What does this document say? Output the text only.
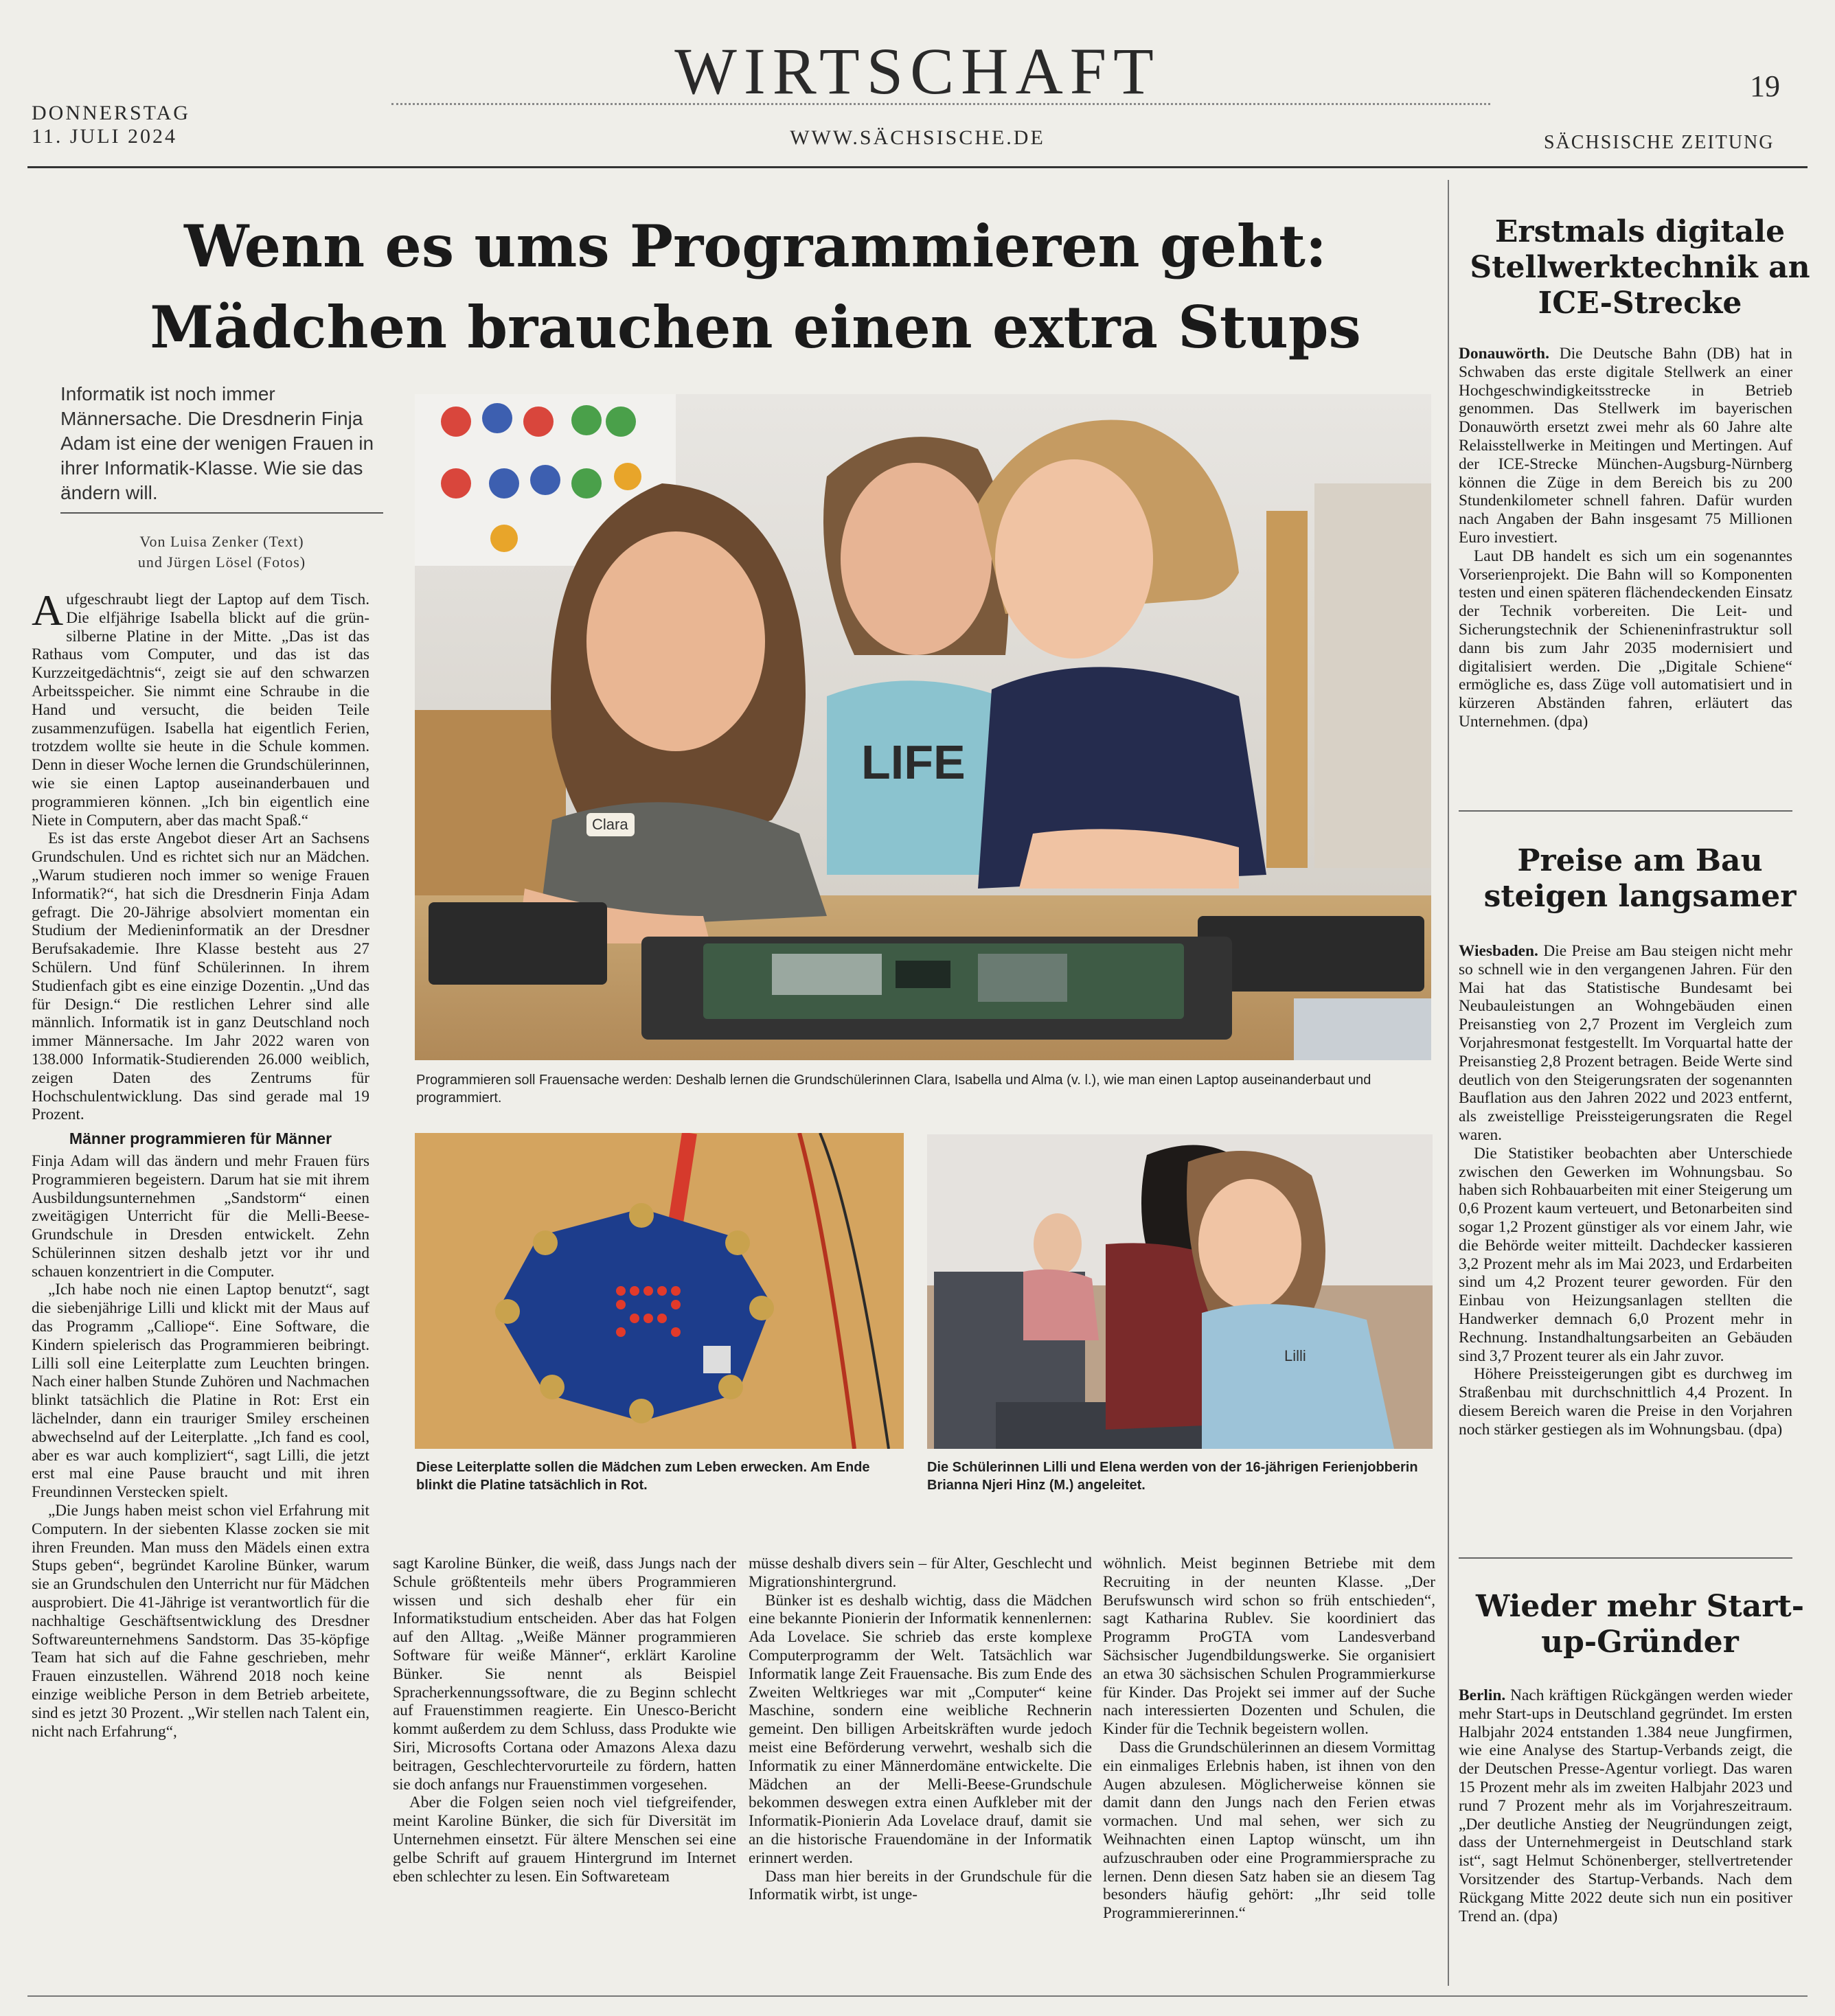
WIRTSCHAFT
DONNERSTAG
11. JULI 2024	WWW.SÄCHSISCHE.DE
19
SÄCHSISCHE ZEITUNG
Wenn es ums Programmieren geht:
Mädchen brauchen einen extra Stups
Informatik ist noch immer Männersache. Die Dresdnerin Finja Adam ist eine der wenigen Frauen in ihrer Informatik-Klasse. Wie sie das ändern will.
Von Luisa Zenker (Text)
und Jürgen Lösel (Fotos)

Aufgeschraubt liegt der Laptop auf dem Tisch. Die elfjährige Isabella blickt auf die grün-silberne Platine in der Mitte. „Das ist das Rathaus vom Computer, und das ist das Kurzzeitgedächtnis“, zeigt sie auf den schwarzen Arbeitsspeicher. Sie nimmt eine Schraube in die Hand und versucht, die beiden Teile zusammenzufügen. Isabella hat eigentlich Ferien, trotzdem wollte sie heute in die Schule kommen. Denn in dieser Woche lernen die Grundschülerinnen, wie sie einen Laptop auseinanderbauen und programmieren können. „Ich bin eigentlich eine Niete in Computern, aber das macht Spaß.“

Es ist das erste Angebot dieser Art an Sachsens Grundschulen. Und es richtet sich nur an Mädchen. „Warum studieren noch immer so wenige Frauen Informatik?“, hat sich die Dresdnerin Finja Adam gefragt. Die 20-Jährige absolviert momentan ein Studium der Medieninformatik an der Dresdner Berufsakademie. Ihre Klasse besteht aus 27 Schülern. Und fünf Schülerinnen. In ihrem Studienfach gibt es eine einzige Dozentin. „Und das für Design.“ Die restlichen Lehrer sind alle männlich. Informatik ist in ganz Deutschland noch immer Männersache. Im Jahr 2022 waren von 138.000 Informatik-Studierenden 26.000 weiblich, zeigen Daten des Zentrums für Hochschulentwicklung. Das sind gerade mal 19 Prozent.

Männer programmieren für Männer

Finja Adam will das ändern und mehr Frauen fürs Programmieren begeistern. Darum hat sie mit ihrem Ausbildungsunternehmen „Sandstorm“ einen zweitägigen Unterricht für die Melli-Beese-Grundschule in Dresden entwickelt. Zehn Schülerinnen sitzen deshalb jetzt vor ihr und schauen konzentriert in die Computer.

„Ich habe noch nie einen Laptop benutzt“, sagt die siebenjährige Lilli und klickt mit der Maus auf das Programm „Calliope“. Eine Software, die Kindern spielerisch das Programmieren beibringt. Lilli soll eine Leiterplatte zum Leuchten bringen. Nach einer halben Stunde Zuhören und Nachmachen blinkt tatsächlich die Platine in Rot: Erst ein lächelnder, dann ein trauriger Smiley erscheinen abwechselnd auf der Leiterplatte. „Ich fand es cool, aber es war auch kompliziert“, sagt Lilli, die jetzt erst mal eine Pause braucht und mit ihren Freundinnen Verstecken spielt.

„Die Jungs haben meist schon viel Erfahrung mit Computern. In der siebenten Klasse zocken sie mit ihren Freunden. Man muss den Mädels einen extra Stups geben“, begründet Karoline Bünker, warum sie an Grundschulen den Unterricht nur für Mädchen ausprobiert. Die 41-Jährige ist verantwortlich für die nachhaltige Geschäftsentwicklung des Dresdner Softwareunternehmens Sandstorm. Das 35-köpfige Team hat sich auf die Fahne geschrieben, mehr Frauen einzustellen. Während 2018 noch keine einzige weibliche Person in dem Betrieb arbeitete, sind es jetzt 30 Prozent. „Wir stellen nach Talent ein, nicht nach Erfahrung“,

Clara
LIFE
Programmieren soll Frauensache werden: Deshalb lernen die Grundschülerinnen Clara, Isabella und Alma (v. l.), wie man einen Laptop auseinanderbaut und programmiert.
Diese Leiterplatte sollen die Mädchen zum Leben erwecken. Am Ende blinkt die Platine tatsächlich in Rot.
Lilli
Die Schülerinnen Lilli und Elena werden von der 16-jährigen Ferienjobberin Brianna Njeri Hinz (M.) angeleitet.

sagt Karoline Bünker, die weiß, dass Jungs nach der Schule größtenteils mehr übers Programmieren wissen und sich deshalb eher für ein Informatikstudium entscheiden. Aber das hat Folgen auf den Alltag. „Weiße Männer programmieren Software für weiße Männer“, erklärt Karoline Bünker. Sie nennt als Beispiel Spracherkennungssoftware, die zu Beginn schlecht auf Frauenstimmen reagierte. Ein Unesco-Bericht kommt außerdem zu dem Schluss, dass Produkte wie Siri, Microsofts Cortana oder Amazons Alexa dazu beitragen, Geschlechtervorurteile zu fördern, hatten sie doch anfangs nur Frauenstimmen vorgesehen.

Aber die Folgen seien noch viel tiefgreifender, meint Karoline Bünker, die sich für Diversität im Unternehmen einsetzt. Für ältere Menschen sei eine gelbe Schrift auf grauem Hintergrund im Internet eben schlechter zu lesen. Ein Softwareteam

müsse deshalb divers sein – für Alter, Geschlecht und Migrationshintergrund.

Bünker ist es deshalb wichtig, dass die Mädchen eine bekannte Pionierin der Informatik kennenlernen: Ada Lovelace. Sie schrieb das erste komplexe Computerprogramm der Welt. Tatsächlich war Informatik lange Zeit Frauensache. Bis zum Ende des Zweiten Weltkrieges war mit „Computer“ keine Maschine, sondern eine weibliche Rechnerin gemeint. Den billigen Arbeitskräften wurde jedoch meist eine Beförderung verwehrt, weshalb sich die Informatik zu einer Männerdomäne entwickelte. Die Mädchen an der Melli-Beese-Grundschule bekommen deswegen extra einen Aufkleber mit der Informatik-Pionierin Ada Lovelace drauf, damit sie an die historische Frauendomäne in der Informatik erinnert werden.

Dass man hier bereits in der Grundschule für die Informatik wirbt, ist unge-

wöhnlich. Meist beginnen Betriebe mit dem Recruiting in der neunten Klasse. „Der Berufswunsch wird schon so früh entschieden“, sagt Katharina Rublev. Sie koordiniert das Programm ProGTA vom Landesverband Sächsischer Jugendbildungswerke. Sie organisiert an etwa 30 sächsischen Schulen Programmierkurse für Kinder. Das Projekt sei immer auf der Suche nach interessierten Dozenten und Schulen, die Kinder für die Technik begeistern wollen.

Dass die Grundschülerinnen an diesem Vormittag ein einmaliges Erlebnis haben, ist ihnen von den Augen abzulesen. Möglicherweise können sie damit dann den Jungs nach den Ferien etwas vormachen. Und mal sehen, wer sich zu Weihnachten einen Laptop wünscht, um ihn aufzuschrauben oder eine Programmiersprache zu lernen. Denn diesen Satz haben sie an diesem Tag besonders häufig gehört: „Ihr seid tolle Programmiererinnen.“

Erstmals digitale Stellwerktechnik an ICE-Strecke

Donauwörth. Die Deutsche Bahn (DB) hat in Schwaben das erste digitale Stellwerk an einer Hochgeschwindigkeitsstrecke in Betrieb genommen. Das Stellwerk im bayerischen Donauwörth ersetzt zwei mehr als 60 Jahre alte Relaisstellwerke in Meitingen und Mertingen. Auf der ICE-Strecke München-Augsburg-Nürnberg können die Züge in dem Bereich bis zu 200 Stundenkilometer schnell fahren. Dafür wurden nach Angaben der Bahn insgesamt 75 Millionen Euro investiert.

Laut DB handelt es sich um ein sogenanntes Vorserienprojekt. Die Bahn will so Komponenten testen und einen späteren flächendeckenden Einsatz der Technik vorbereiten. Die Leit- und Sicherungstechnik der Schieneninfrastruktur soll dann bis zum Jahr 2035 modernisiert und digitalisiert werden. Die „Digitale Schiene“ ermögliche es, dass Züge voll automatisiert und in kürzeren Abständen fahren, erläutert das Unternehmen. (dpa)

Preise am Bau steigen langsamer

Wiesbaden. Die Preise am Bau steigen nicht mehr so schnell wie in den vergangenen Jahren. Für den Mai hat das Statistische Bundesamt bei Neubauleistungen an Wohngebäuden einen Preisanstieg von 2,7 Prozent im Vergleich zum Vorjahresmonat festgestellt. Im Vorquartal hatte der Preisanstieg 2,8 Prozent betragen. Beide Werte sind deutlich von den Steigerungsraten der sogenannten Bauflation aus den Jahren 2022 und 2023 entfernt, als zweistellige Preissteigerungsraten die Regel waren.

Die Statistiker beobachten aber Unterschiede zwischen den Gewerken im Wohnungsbau. So haben sich Rohbauarbeiten mit einer Steigerung um 0,6 Prozent kaum verteuert, und Betonarbeiten sind sogar 1,2 Prozent günstiger als vor einem Jahr, wie die Behörde weiter mitteilt. Dachdecker kassieren 3,2 Prozent mehr als im Mai 2023, und Erdarbeiten sind um 4,2 Prozent teurer geworden. Für den Einbau von Heizungsanlagen stellten die Handwerker demnach 6,0 Prozent mehr in Rechnung. Instandhaltungsarbeiten an Gebäuden sind 3,7 Prozent teurer als ein Jahr zuvor.

Höhere Preissteigerungen gibt es durchweg im Straßenbau mit durchschnittlich 4,4 Prozent. In diesem Bereich waren die Preise in den Vorjahren noch stärker gestiegen als im Wohnungsbau. (dpa)

Wieder mehr Start-up-Gründer

Berlin. Nach kräftigen Rückgängen werden wieder mehr Start-ups in Deutschland gegründet. Im ersten Halbjahr 2024 entstanden 1.384 neue Jungfirmen, wie eine Analyse des Startup-Verbands zeigt, die der Deutschen Presse-Agentur vorliegt. Das waren 15 Prozent mehr als im zweiten Halbjahr 2023 und rund 7 Prozent mehr als im Vorjahreszeitraum. „Der deutliche Anstieg der Neugründungen zeigt, dass der Unternehmergeist in Deutschland stark ist“, sagt Helmut Schönenberger, stellvertretender Vorsitzender des Startup-Verbands. Nach dem Rückgang Mitte 2022 deute sich nun ein positiver Trend an. (dpa)
